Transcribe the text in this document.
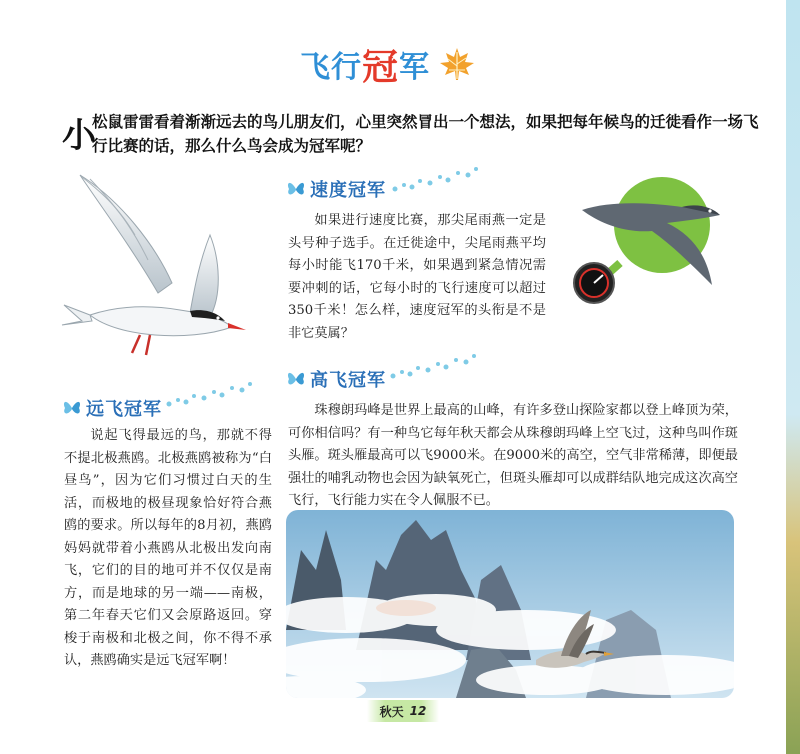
飞行 冠 军
小
松鼠雷雷看着渐渐远去的鸟儿朋友们，心里突然冒出一个想法，如果把每年候鸟的迁徙看作一场飞行比赛的话，那么什么鸟会成为冠军呢？
速度冠军
如果进行速度比赛，那尖尾雨燕一定是头号种子选手。在迁徙途中，尖尾雨燕平均每小时能飞170千米，如果遇到紧急情况需要冲刺的话，它每小时的飞行速度可以超过350千米！怎么样，速度冠军的头衔是不是非它莫属？
高飞冠军
珠穆朗玛峰是世界上最高的山峰，有许多登山探险家都以登上峰顶为荣，可你相信吗？有一种鸟它每年秋天都会从珠穆朗玛峰上空飞过，这种鸟叫作斑头雁。斑头雁最高可以飞9000米。在9000米的高空，空气非常稀薄，即便最强壮的哺乳动物也会因为缺氧死亡，但斑头雁却可以成群结队地完成这次高空飞行，飞行能力实在令人佩服不已。
远飞冠军
说起飞得最远的鸟，那就不得不提北极燕鸥。北极燕鸥被称为“白昼鸟”，因为它们习惯过白天的生活，而极地的极昼现象恰好符合燕鸥的要求。所以每年的8月初，燕鸥妈妈就带着小燕鸥从北极出发向南飞，它们的目的地可并不仅仅是南方，而是地球的另一端——南极，第二年春天它们又会原路返回。穿梭于南极和北极之间，你不得不承认，燕鸥确实是远飞冠军啊！
秋天 12
